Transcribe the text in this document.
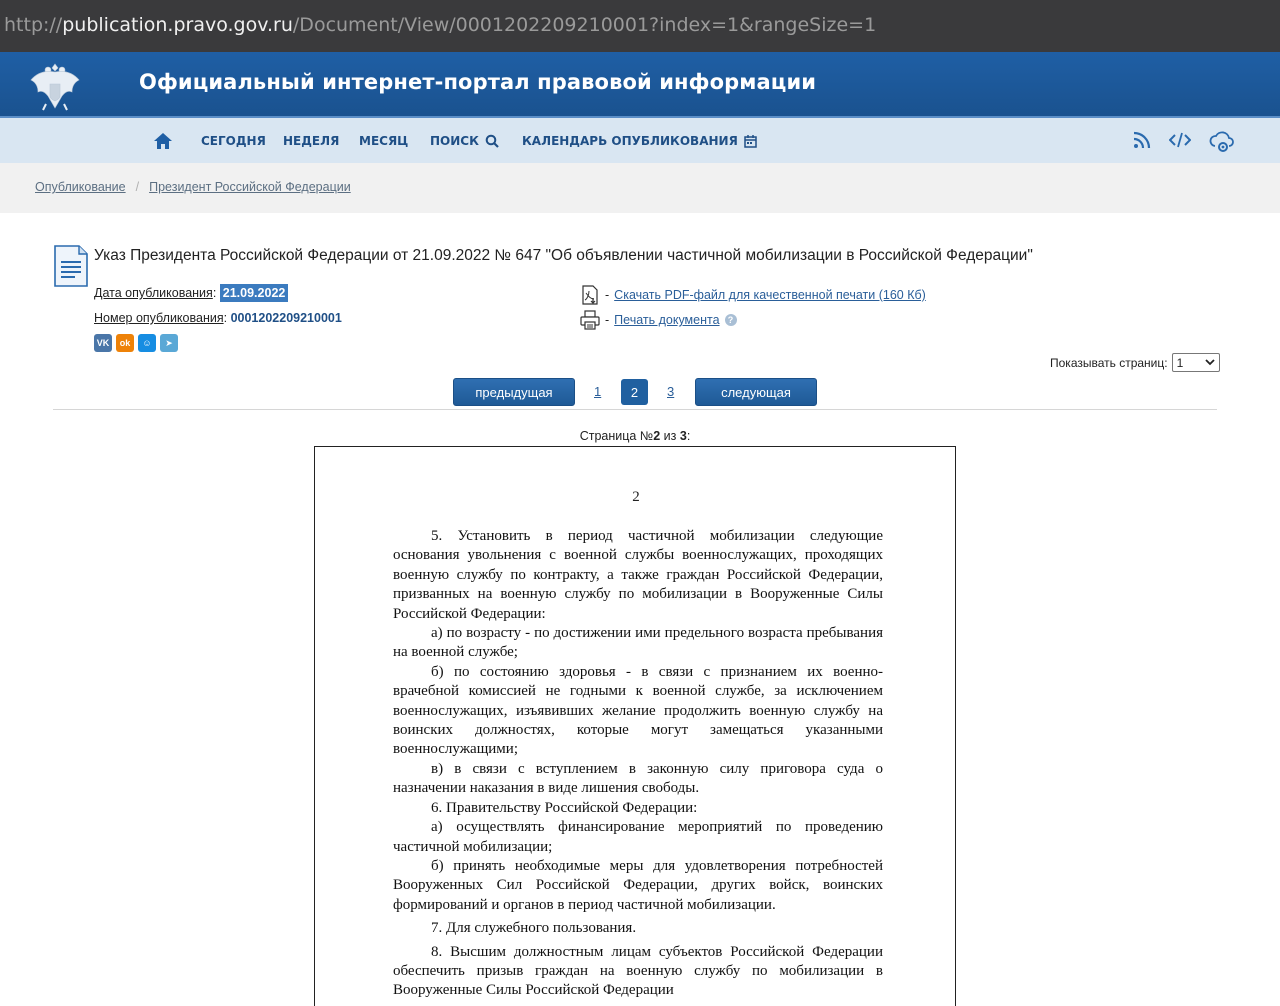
http://publication.pravo.gov.ru/Document/View/0001202209210001?index=1&rangeSize=1
Официальный интернет-портал правовой информации
СЕГОДНЯ НЕДЕЛЯ МЕСЯЦ ПОИСК	КАЛЕНДАРЬ ОПУБЛИКОВАНИЯ
Опубликование / Президент Российской Федерации
Указ Президента Российской Федерации от 21.09.2022 № 647 "Об объявлении частичной мобилизации в Российской Федерации"
Дата опубликования: 21.09.2022
Номер опубликования: 0001202209210001
VK	ok	☺	➤
- Скачать PDF-файл для качественной печати (160 Кб)
- Печать документа ?
Показывать страниц: 1
предыдущая	1	2	3	следующая
Страница №2 из 3:
2

5. Установить в период частичной мобилизации следующие основания увольнения с военной службы военнослужащих, проходящих военную службу по контракту, а также граждан Российской Федерации, призванных на военную службу по мобилизации в Вооруженные Силы Российской Федерации:

а) по возрасту - по достижении ими предельного возраста пребывания на военной службе;

б) по состоянию здоровья - в связи с признанием их военно-врачебной комиссией не годными к военной службе, за исключением военнослужащих, изъявивших желание продолжить военную службу на воинских должностях, которые могут замещаться указанными военнослужащими;

в) в связи с вступлением в законную силу приговора суда о назначении наказания в виде лишения свободы.

6. Правительству Российской Федерации:

а) осуществлять финансирование мероприятий по проведению частичной мобилизации;

б) принять необходимые меры для удовлетворения потребностей Вооруженных Сил Российской Федерации, других войск, воинских формирований и органов в период частичной мобилизации.

7. Для служебного пользования.

8. Высшим должностным лицам субъектов Российской Федерации обеспечить призыв граждан на военную службу по мобилизации в Вооруженные Силы Российской Федерации
